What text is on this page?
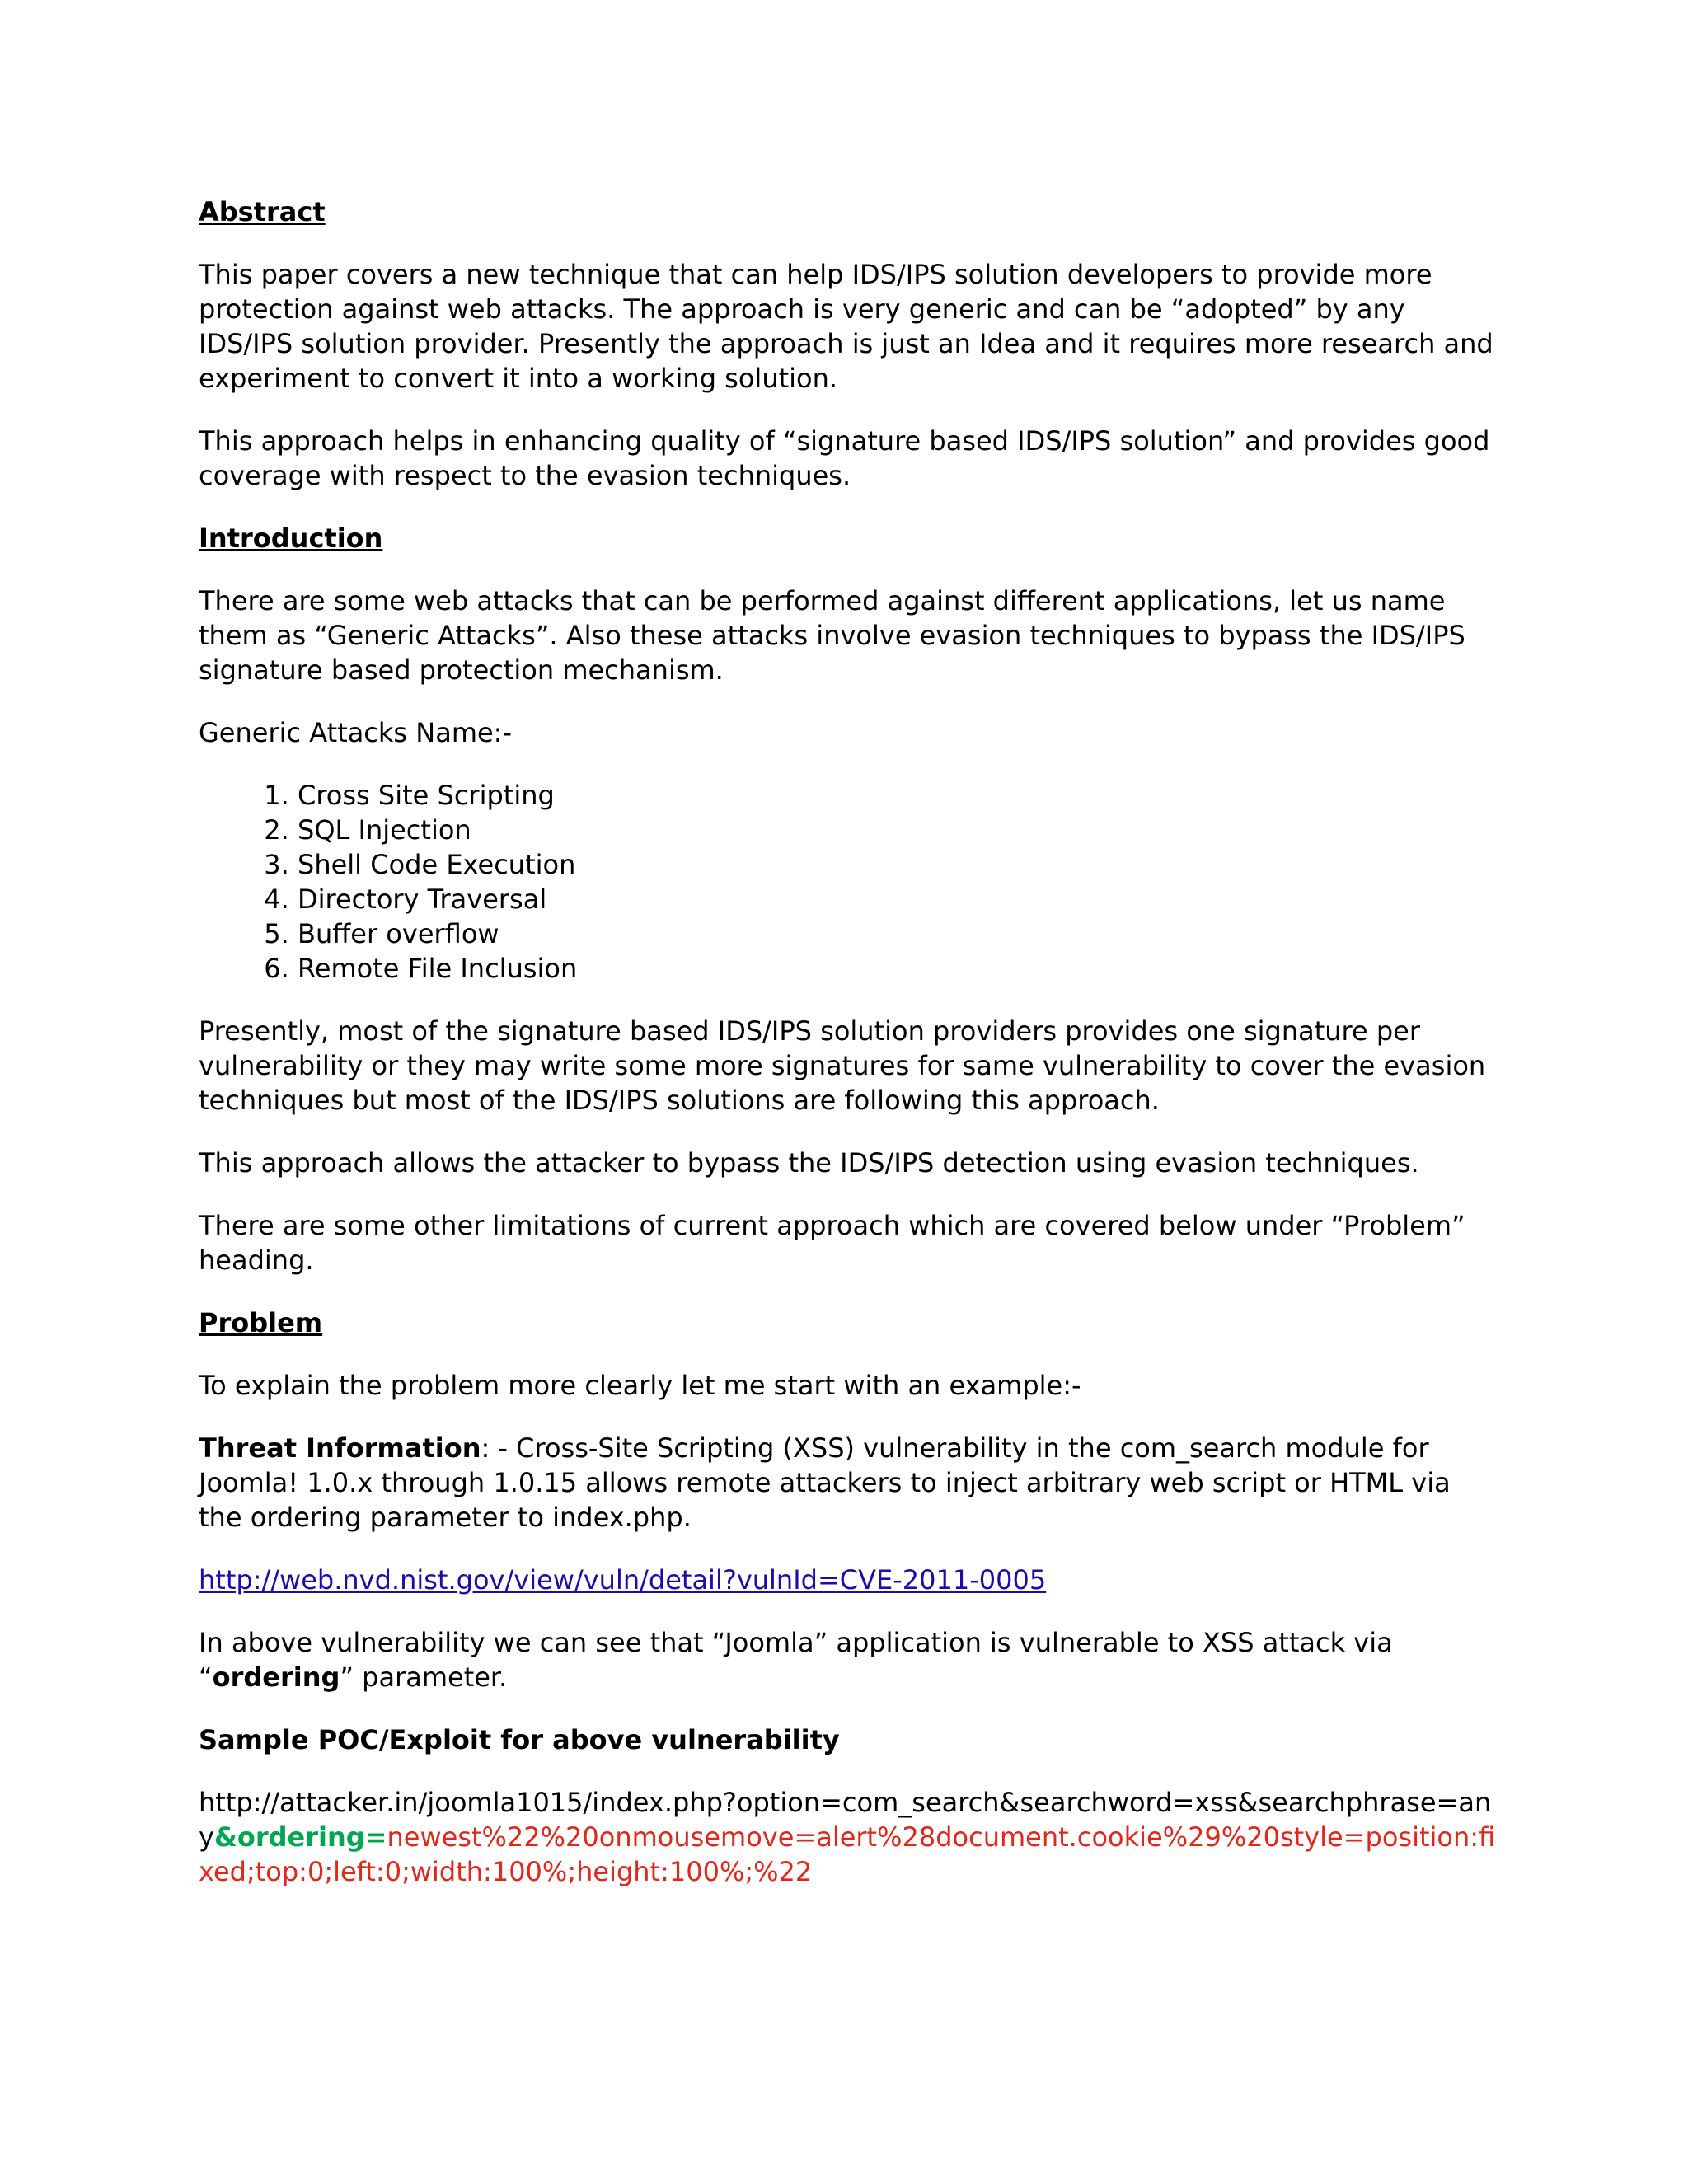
Abstract

This paper covers a new technique that can help IDS/IPS solution developers to provide more protection against web attacks. The approach is very generic and can be “adopted” by any IDS/IPS solution provider. Presently the approach is just an Idea and it requires more research and experiment to convert it into a working solution.

This approach helps in enhancing quality of “signature based IDS/IPS solution” and provides good coverage with respect to the evasion techniques.

Introduction

There are some web attacks that can be performed against different applications, let us name them as “Generic Attacks”. Also these attacks involve evasion techniques to bypass the IDS/IPS signature based protection mechanism.

Generic Attacks Name:-

1. Cross Site Scripting
2. SQL Injection
3. Shell Code Execution
4. Directory Traversal
5. Buffer overflow
6. Remote File Inclusion

Presently, most of the signature based IDS/IPS solution providers provides one signature per vulnerability or they may write some more signatures for same vulnerability to cover the evasion techniques but most of the IDS/IPS solutions are following this approach.

This approach allows the attacker to bypass the IDS/IPS detection using evasion techniques.

There are some other limitations of current approach which are covered below under “Problem” heading.

Problem

To explain the problem more clearly let me start with an example:-

Threat Information: - Cross-Site Scripting (XSS) vulnerability in the com_search module for Joomla! 1.0.x through 1.0.15 allows remote attackers to inject arbitrary web script or HTML via the ordering parameter to index.php.

http://web.nvd.nist.gov/view/vuln/detail?vulnId=CVE-2011-0005

In above vulnerability we can see that “Joomla” application is vulnerable to XSS attack via “ordering” parameter.

Sample POC/Exploit for above vulnerability

http://attacker.in/joomla1015/index.php?option=com_search&searchword=xss&searchphrase=any&ordering=newest%22%20onmousemove=alert%28document.cookie%29%20style=position:fixed;top:0;left:0;width:100%;height:100%;%22
